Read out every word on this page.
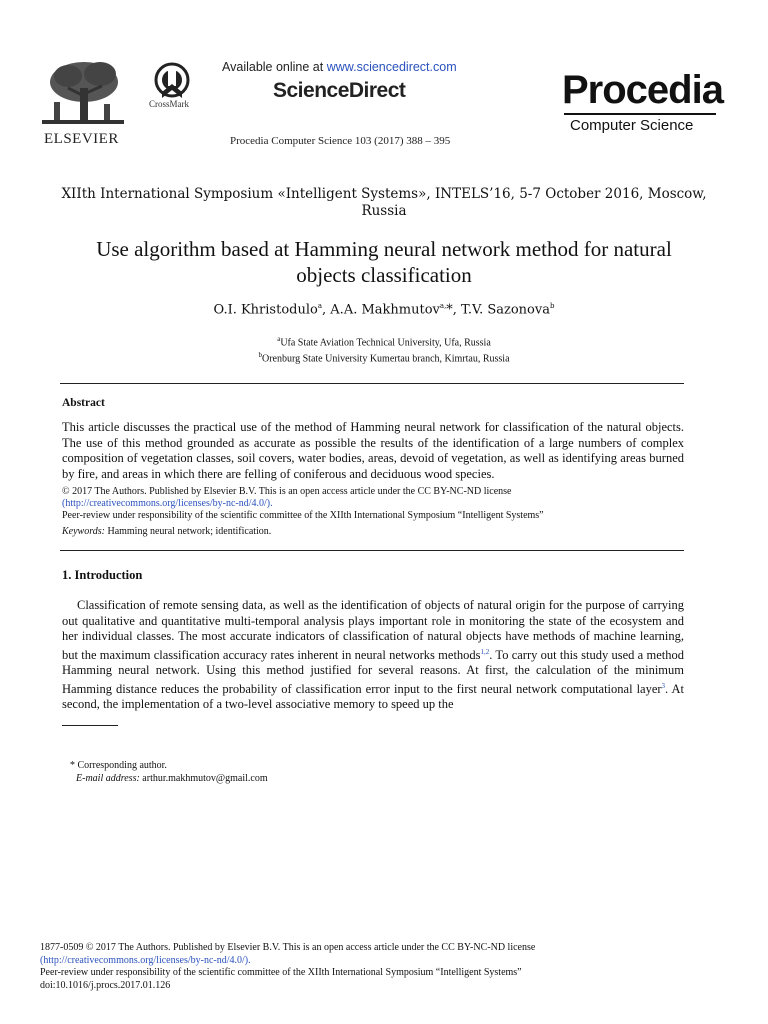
ELSEVIER
CrossMark
Available online at www.sciencedirect.com
ScienceDirect
Procedia Computer Science 103 (2017) 388 – 395
Procedia
Computer Science
XIIth International Symposium «Intelligent Systems», INTELS’16, 5-7 October 2016, Moscow,
Russia
Use algorithm based at Hamming neural network method for natural
objects classification
O.I. Khristodulo$^a$, A.A. Makhmutov$^{a,}$*, T.V. Sazonova$^b$
$^a$Ufa State Aviation Technical University, Ufa, Russia
$^b$Orenburg State University Kumertau branch, Kimrtau, Russia
Abstract
This article discusses the practical use of the method of Hamming neural network for classification of the natural objects. The use of this method grounded as accurate as possible the results of the identification of a large numbers of complex composition of vegetation classes, soil covers, water bodies, areas, devoid of vegetation, as well as identifying areas burned by fire, and areas in which there are felling of coniferous and deciduous wood species.
© 2017 The Authors. Published by Elsevier B.V. This is an open access article under the CC BY-NC-ND license
(http://creativecommons.org/licenses/by-nc-nd/4.0/).
Peer-review under responsibility of the scientific committee of the XIIth International Symposium “Intelligent Systems”
Keywords: Hamming neural network; identification.
1. Introduction
Classification of remote sensing data, as well as the identification of objects of natural origin for the purpose of carrying out qualitative and quantitative multi-temporal analysis plays important role in monitoring the state of the ecosystem and her individual classes. The most accurate indicators of classification of natural objects have methods of machine learning, but the maximum classification accuracy rates inherent in neural networks methods$^{1,2}$. To carry out this study used a method Hamming neural network. Using this method justified for several reasons. At first, the calculation of the minimum Hamming distance reduces the probability of classification error input to the first neural network computational layer$^3$. At second, the implementation of a two-level associative memory to speed up the
* Corresponding author.
E-mail address: arthur.makhmutov@gmail.com
1877-0509 © 2017 The Authors. Published by Elsevier B.V. This is an open access article under the CC BY-NC-ND license
(http://creativecommons.org/licenses/by-nc-nd/4.0/).
Peer-review under responsibility of the scientific committee of the XIIth International Symposium “Intelligent Systems”
doi:10.1016/j.procs.2017.01.126
